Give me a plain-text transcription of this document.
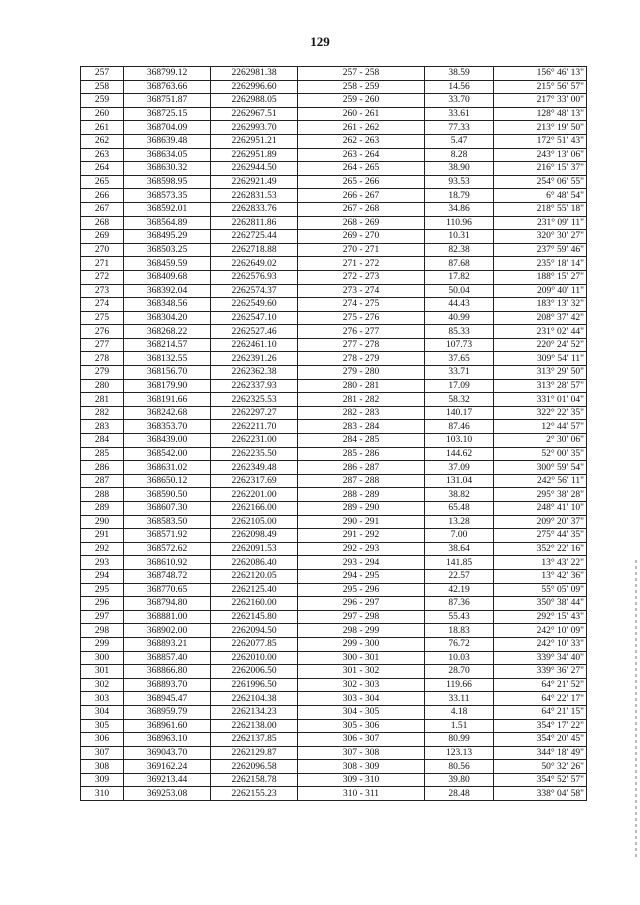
129
257	368799.12	2262981.38	257 - 258	38.59	156° 46' 13"
258	368763.66	2262996.60	258 - 259	14.56	215° 56' 57"
259	368751.87	2262988.05	259 - 260	33.70	217° 33' 00"
260	368725.15	2262967.51	260 - 261	33.61	128° 48' 13"
261	368704.09	2262993.70	261 - 262	77.33	213° 19' 50"
262	368639.48	2262951.21	262 - 263	5.47	172° 51' 43"
263	368634.05	2262951.89	263 - 264	8.28	243° 13' 06"
264	368630.32	2262944.50	264 - 265	38.90	216° 15' 37"
265	368598.95	2262921.49	265 - 266	93.53	254° 06' 55"
266	368573.35	2262831.53	266 - 267	18.79	6° 48' 54"
267	368592.01	2262833.76	267 - 268	34.86	218° 55' 18"
268	368564.89	2262811.86	268 - 269	110.96	231° 09' 11"
269	368495.29	2262725.44	269 - 270	10.31	320° 30' 27"
270	368503.25	2262718.88	270 - 271	82.38	237° 59' 46"
271	368459.59	2262649.02	271 - 272	87.68	235° 18' 14"
272	368409.68	2262576.93	272 - 273	17.82	188° 15' 27"
273	368392.04	2262574.37	273 - 274	50.04	209° 40' 11"
274	368348.56	2262549.60	274 - 275	44.43	183° 13' 32"
275	368304.20	2262547.10	275 - 276	40.99	208° 37' 42"
276	368268.22	2262527.46	276 - 277	85.33	231° 02' 44"
277	368214.57	2262461.10	277 - 278	107.73	220° 24' 52"
278	368132.55	2262391.26	278 - 279	37.65	309° 54' 11"
279	368156.70	2262362.38	279 - 280	33.71	313° 29' 50"
280	368179.90	2262337.93	280 - 281	17.09	313° 28' 57"
281	368191.66	2262325.53	281 - 282	58.32	331° 01' 04"
282	368242.68	2262297.27	282 - 283	140.17	322° 22' 35"
283	368353.70	2262211.70	283 - 284	87.46	12° 44' 57"
284	368439.00	2262231.00	284 - 285	103.10	2° 30' 06"
285	368542.00	2262235.50	285 - 286	144.62	52° 00' 35"
286	368631.02	2262349.48	286 - 287	37.09	300° 59' 54"
287	368650.12	2262317.69	287 - 288	131.04	242° 56' 11"
288	368590.50	2262201.00	288 - 289	38.82	295° 38' 28"
289	368607.30	2262166.00	289 - 290	65.48	248° 41' 10"
290	368583.50	2262105.00	290 - 291	13.28	209° 20' 37"
291	368571.92	2262098.49	291 - 292	7.00	275° 44' 35"
292	368572.62	2262091.53	292 - 293	38.64	352° 22' 16"
293	368610.92	2262086.40	293 - 294	141.85	13° 43' 22"
294	368748.72	2262120.05	294 - 295	22.57	13° 42' 36"
295	368770.65	2262125.40	295 - 296	42.19	55° 05' 09"
296	368794.80	2262160.00	296 - 297	87.36	350° 38' 44"
297	368881.00	2262145.80	297 - 298	55.43	292° 15' 43"
298	368902.00	2262094.50	298 - 299	18.83	242° 10' 09"
299	368893.21	2262077.85	299 - 300	76.72	242° 10' 33"
300	368857.40	2262010.00	300 - 301	10.03	339° 34' 40"
301	368866.80	2262006.50	301 - 302	28.70	339° 36' 27"
302	368893.70	2261996.50	302 - 303	119.66	64° 21' 52"
303	368945.47	2262104.38	303 - 304	33.11	64° 22' 17"
304	368959.79	2262134.23	304 - 305	4.18	64° 21' 15"
305	368961.60	2262138.00	305 - 306	1.51	354° 17' 22"
306	368963.10	2262137.85	306 - 307	80.99	354° 20' 45"
307	369043.70	2262129.87	307 - 308	123.13	344° 18' 49"
308	369162.24	2262096.58	308 - 309	80.56	50° 32' 26"
309	369213.44	2262158.78	309 - 310	39.80	354° 52' 57"
310	369253.08	2262155.23	310 - 311	28.48	338° 04' 58"
